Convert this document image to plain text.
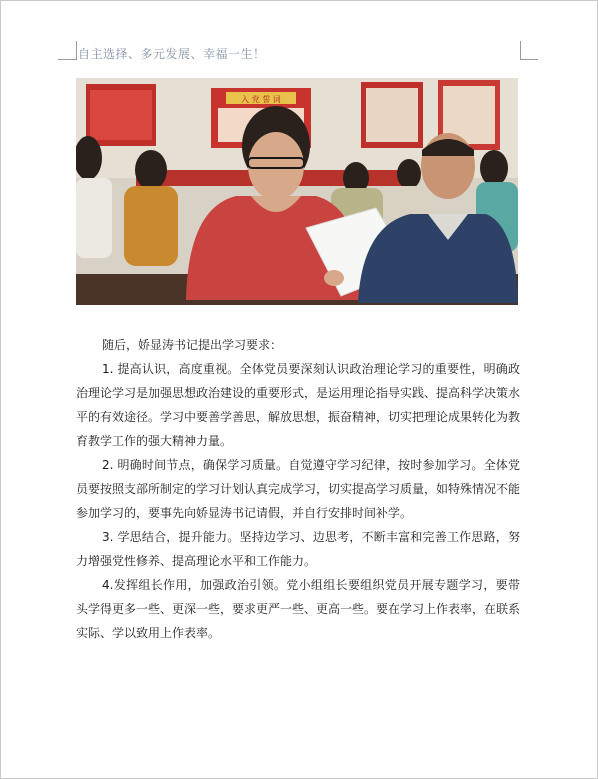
自主选择、多元发展、幸福一生！
入 党 誓 词

随后，娇显涛书记提出学习要求：

1. 提高认识，高度重视。全体党员要深刻认识政治理论学习的重要性，明确政治理论学习是加强思想政治建设的重要形式，是运用理论指导实践、提高科学决策水平的有效途径。学习中要善学善思，解放思想，振奋精神，切实把理论成果转化为教育教学工作的强大精神力量。

2. 明确时间节点，确保学习质量。自觉遵守学习纪律，按时参加学习。全体党员要按照支部所制定的学习计划认真完成学习，切实提高学习质量，如特殊情况不能参加学习的，要事先向娇显涛书记请假，并自行安排时间补学。

3. 学思结合，提升能力。坚持边学习、边思考，不断丰富和完善工作思路，努力增强党性修养、提高理论水平和工作能力。

4.发挥组长作用，加强政治引领。党小组组长要组织党员开展专题学习，要带头学得更多一些、更深一些，要求更严一些、更高一些。要在学习上作表率，在联系实际、学以致用上作表率。
